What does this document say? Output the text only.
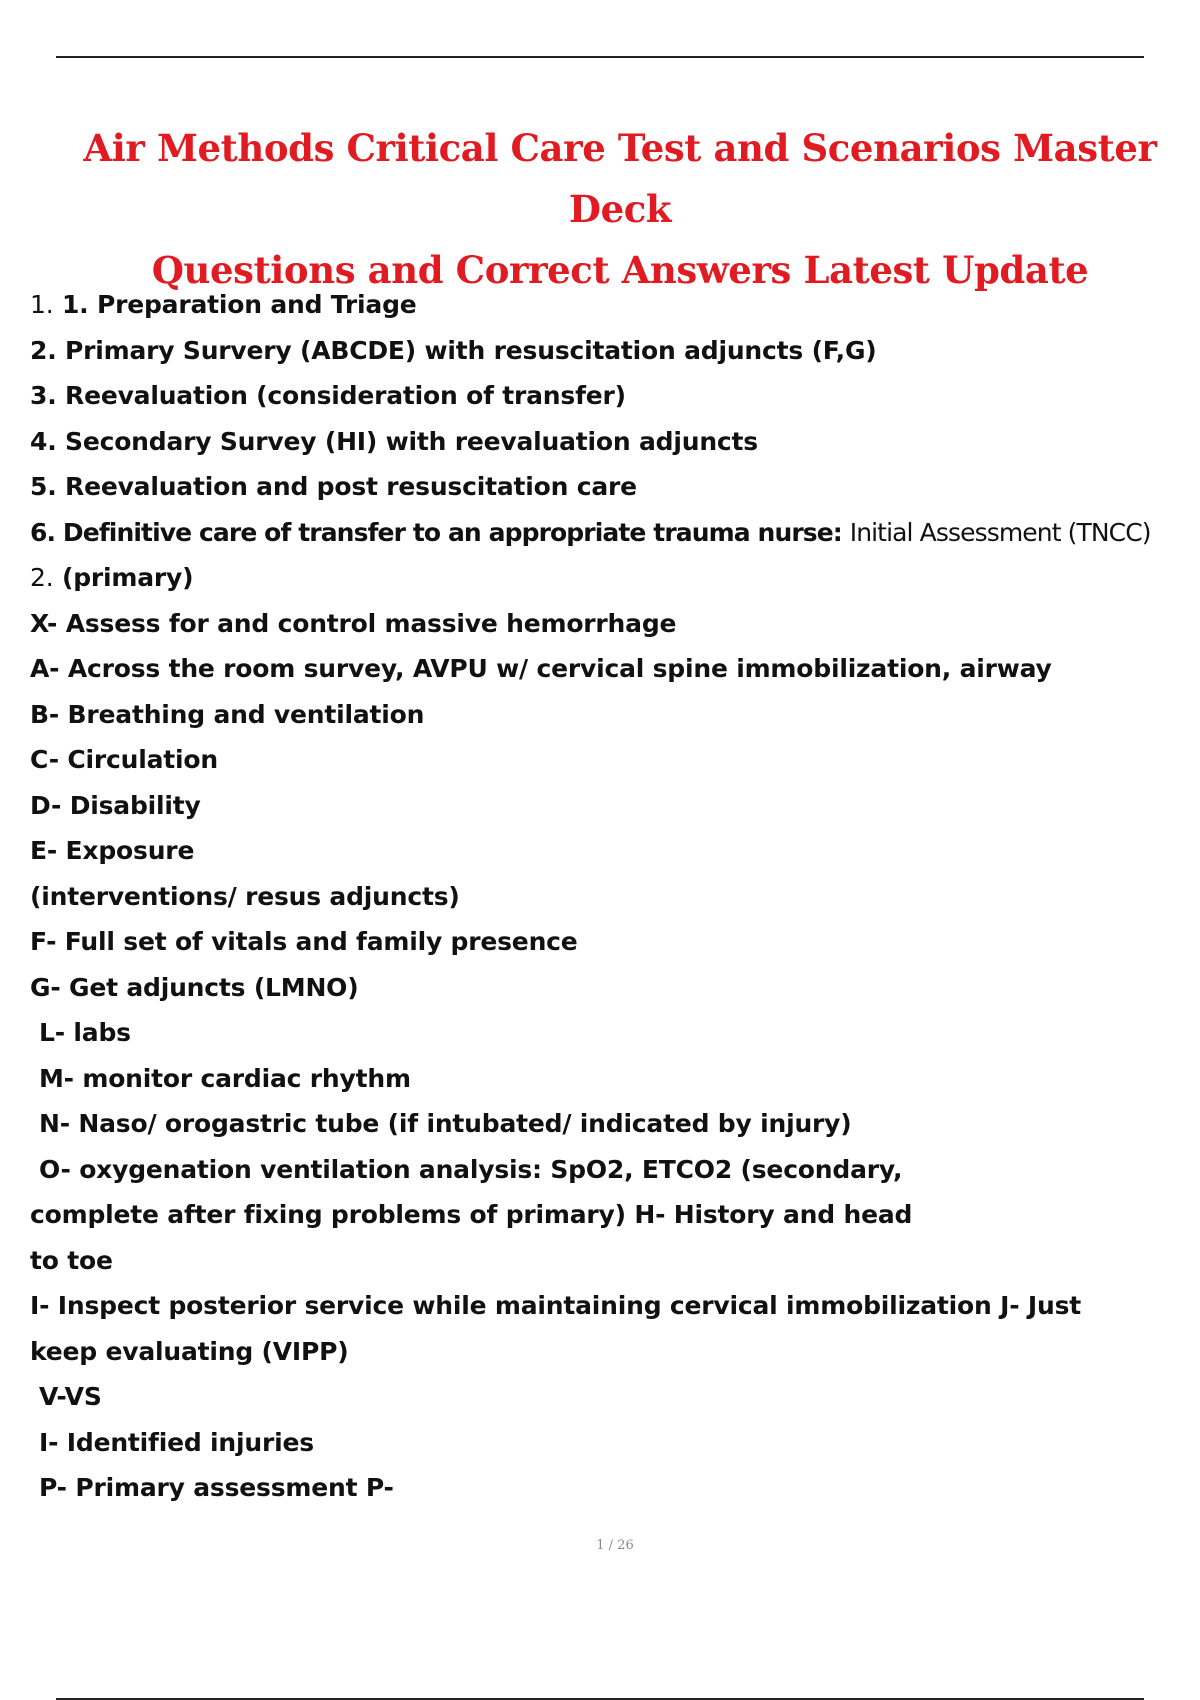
Air Methods Critical Care Test and Scenarios Master Deck
Questions and Correct Answers Latest Update
1. 1. Preparation and Triage
2. Primary Survery (ABCDE) with resuscitation adjuncts (F,G)
3. Reevaluation (consideration of transfer)
4. Secondary Survey (HI) with reevaluation adjuncts
5. Reevaluation and post resuscitation care
6. Definitive care of transfer to an appropriate trauma nurse: Initial Assessment (TNCC)
2. (primary)
X- Assess for and control massive hemorrhage
A- Across the room survey, AVPU w/ cervical spine immobilization, airway
B- Breathing and ventilation
C- Circulation
D- Disability
E- Exposure
(interventions/ resus adjuncts)
F- Full set of vitals and family presence
G- Get adjuncts (LMNO)
L- labs
M- monitor cardiac rhythm
N- Naso/ orogastric tube (if intubated/ indicated by injury)
O- oxygenation ventilation analysis: SpO2, ETCO2 (secondary,
complete after fixing problems of primary) H- History and head
to toe
I- Inspect posterior service while maintaining cervical immobilization J- Just
keep evaluating (VIPP)
V-VS
I- Identified injuries
P- Primary assessment P-
1 / 26
